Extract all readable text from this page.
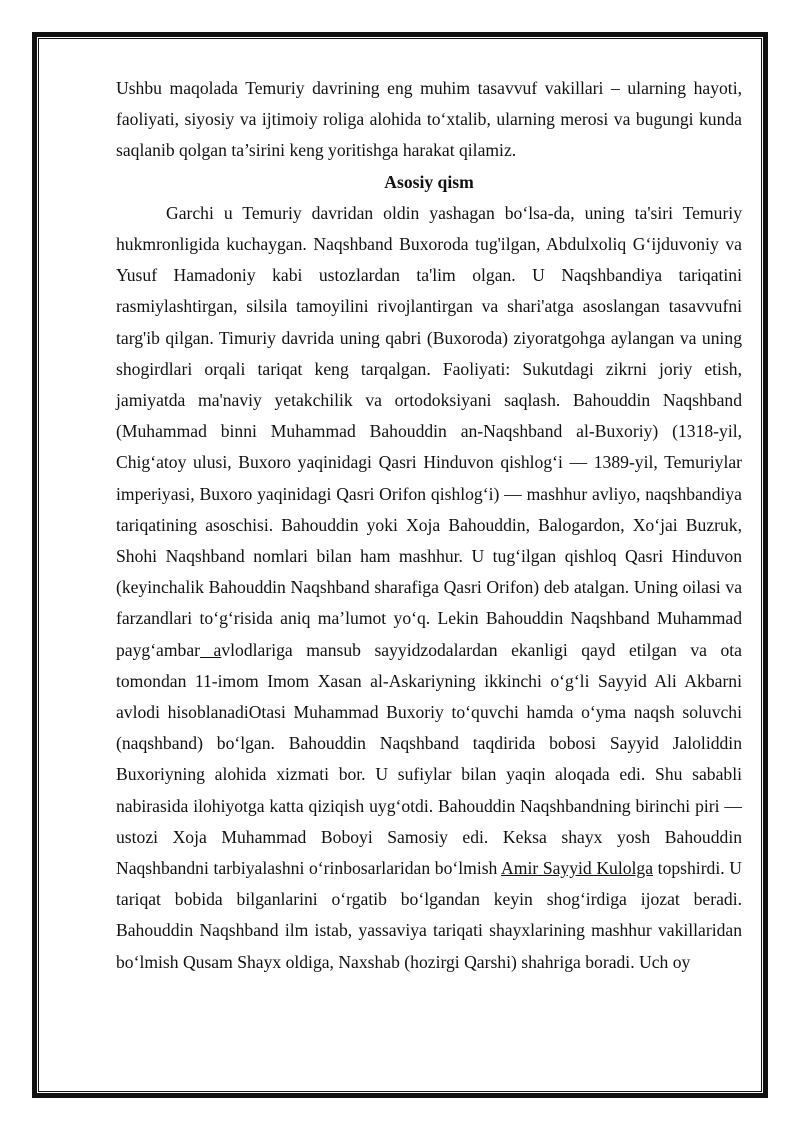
Ushbu maqolada Temuriy davrining eng muhim tasavvuf vakillari – ularning hayoti, faoliyati, siyosiy va ijtimoiy roliga alohida to‘xtalib, ularning merosi va bugungi kunda saqlanib qolgan ta’sirini keng yoritishga harakat qilamiz.

Asosiy qism

Garchi u Temuriy davridan oldin yashagan bo‘lsa-da, uning ta'siri Temuriy hukmronligida kuchaygan. Naqshband Buxoroda tug'ilgan, Abdulxoliq G‘ijduvoniy va Yusuf Hamadoniy kabi ustozlardan ta'lim olgan. U Naqshbandiya tariqatini rasmiylashtirgan, silsila tamoyilini rivojlantirgan va shari'atga asoslangan tasavvufni targ'ib qilgan. Timuriy davrida uning qabri (Buxoroda) ziyoratgohga aylangan va uning shogirdlari orqali tariqat keng tarqalgan. Faoliyati: Sukutdagi zikrni joriy etish, jamiyatda ma'naviy yetakchilik va ortodoksiyani saqlash. Bahouddin Naqshband (Muhammad binni Muhammad Bahouddin an-Naqshband al-Buxoriy) (1318-yil, Chig‘atoy ulusi, Buxoro yaqinidagi Qasri Hinduvon qishlog‘i — 1389-yil, Temuriylar imperiyasi, Buxoro yaqinidagi Qasri Orifon qishlog‘i) — mashhur avliyo, naqshbandiya tariqatining asoschisi. Bahouddin yoki Xoja Bahouddin, Balogardon, Xo‘jai Buzruk, Shohi Naqshband nomlari bilan ham mashhur. U tug‘ilgan qishloq Qasri Hinduvon (keyinchalik Bahouddin Naqshband sharafiga Qasri Orifon) deb atalgan. Uning oilasi va farzandlari to‘g‘risida aniq ma’lumot yo‘q. Lekin Bahouddin Naqshband Muhammad payg‘ambar avlodlariga mansub sayyidzodalardan ekanligi qayd etilgan va ota tomondan 11-imom Imom Xasan al-Askariyning ikkinchi o‘g‘li Sayyid Ali Akbarni avlodi hisoblanadiOtasi Muhammad Buxoriy to‘quvchi hamda o‘yma naqsh soluvchi (naqshband) bo‘lgan. Bahouddin Naqshband taqdirida bobosi Sayyid Jaloliddin Buxoriyning alohida xizmati bor. U sufiylar bilan yaqin aloqada edi. Shu sababli nabirasida ilohiyotga katta qiziqish uyg‘otdi. Bahouddin Naqshbandning birinchi piri — ustozi Xoja Muhammad Boboyi Samosiy edi. Keksa shayx yosh Bahouddin Naqshbandni tarbiyalashni o‘rinbosarlaridan bo‘lmish Amir Sayyid Kulolga topshirdi. U tariqat bobida bilganlarini o‘rgatib bo‘lgandan keyin shog‘irdiga ijozat beradi. Bahouddin Naqshband ilm istab, yassaviya tariqati shayxlarining mashhur vakillaridan bo‘lmish Qusam Shayx oldiga, Naxshab (hozirgi Qarshi) shahriga boradi. Uch oy
